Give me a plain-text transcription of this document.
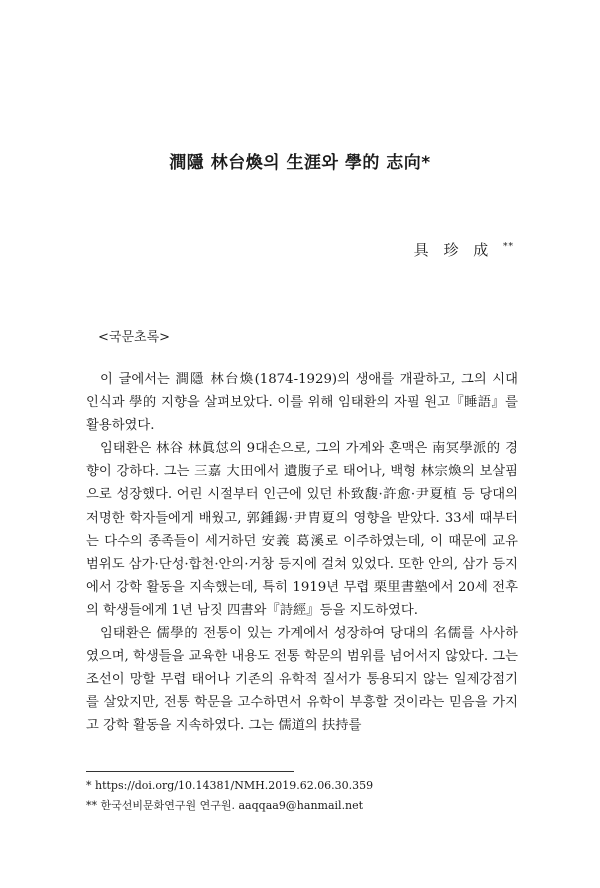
澗隱 林台煥의 生涯와 學的 志向*
具 珍 成 **
<국문초록>

이 글에서는 澗隱 林台煥(1874-1929)의 생애를 개괄하고, 그의 시대 인식과 學的 지향을 살펴보았다. 이를 위해 임태환의 자필 원고『睡語』를 활용하였다.

임태환은 林谷 林眞怤의 9대손으로, 그의 가계와 혼맥은 南冥學派的 경향이 강하다. 그는 三嘉 大田에서 遺腹子로 태어나, 백형 林宗煥의 보살핌으로 성장했다. 어린 시절부터 인근에 있던 朴致馥·許愈·尹夏植 등 당대의 저명한 학자들에게 배웠고, 郭鍾錫·尹胄夏의 영향을 받았다. 33세 때부터는 다수의 종족들이 세거하던 安義 葛溪로 이주하였는데, 이 때문에 교유 범위도 삼가·단성·합천·안의·거창 등지에 걸쳐 있었다. 또한 안의, 삼가 등지에서 강학 활동을 지속했는데, 특히 1919년 무렵 栗里書塾에서 20세 전후의 학생들에게 1년 남짓 四書와『詩經』등을 지도하였다.

임태환은 儒學的 전통이 있는 가계에서 성장하여 당대의 名儒를 사사하였으며, 학생들을 교육한 내용도 전통 학문의 범위를 넘어서지 않았다. 그는 조선이 망할 무렵 태어나 기존의 유학적 질서가 통용되지 않는 일제강점기를 살았지만, 전통 학문을 고수하면서 유학이 부흥할 것이라는 믿음을 가지고 강학 활동을 지속하였다. 그는 儒道의 扶持를

* https://doi.org/10.14381/NMH.2019.62.06.30.359
** 한국선비문화연구원 연구원. aaqqaa9@hanmail.net
